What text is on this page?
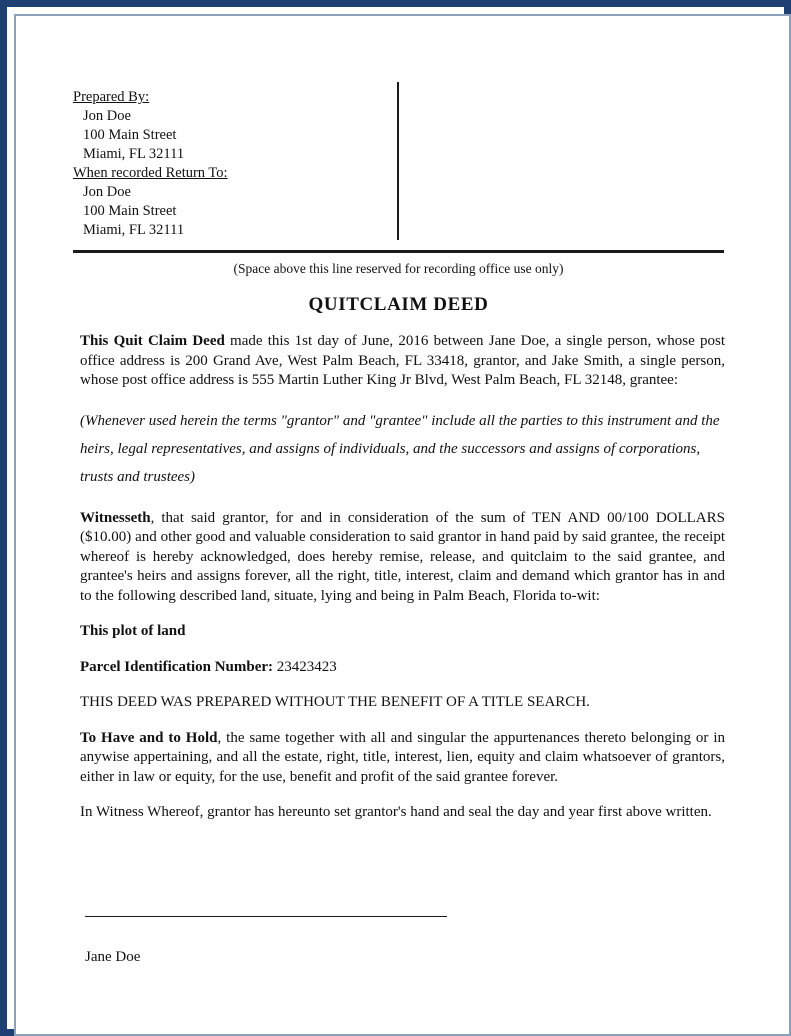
Prepared By:
Jon Doe
100 Main Street
Miami, FL 32111
When recorded Return To:
Jon Doe
100 Main Street
Miami, FL 32111
(Space above this line reserved for recording office use only)
QUITCLAIM DEED

This Quit Claim Deed made this 1st day of June, 2016 between Jane Doe, a single person, whose post office address is 200 Grand Ave, West Palm Beach, FL 33418, grantor, and Jake Smith, a single person, whose post office address is 555 Martin Luther King Jr Blvd, West Palm Beach, FL 32148, grantee:

(Whenever used herein the terms "grantor" and "grantee" include all the parties to this instrument and the heirs, legal representatives, and assigns of individuals, and the successors and assigns of corporations, trusts and trustees)

Witnesseth, that said grantor, for and in consideration of the sum of TEN AND 00/100 DOLLARS ($10.00) and other good and valuable consideration to said grantor in hand paid by said grantee, the receipt whereof is hereby acknowledged, does hereby remise, release, and quitclaim to the said grantee, and grantee's heirs and assigns forever, all the right, title, interest, claim and demand which grantor has in and to the following described land, situate, lying and being in Palm Beach, Florida to-wit:

This plot of land

Parcel Identification Number: 23423423

THIS DEED WAS PREPARED WITHOUT THE BENEFIT OF A TITLE SEARCH.

To Have and to Hold, the same together with all and singular the appurtenances thereto belonging or in anywise appertaining, and all the estate, right, title, interest, lien, equity and claim whatsoever of grantors, either in law or equity, for the use, benefit and profit of the said grantee forever.

In Witness Whereof, grantor has hereunto set grantor's hand and seal the day and year first above written.

Jane Doe
